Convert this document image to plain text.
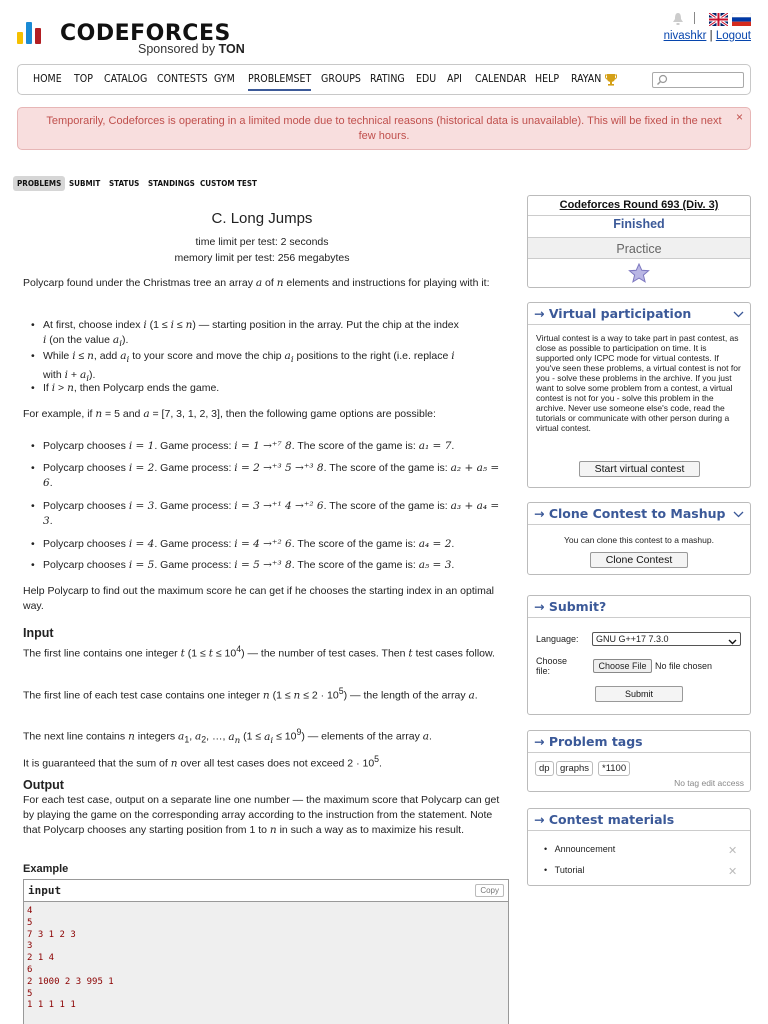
CODEFORCES
Sponsored by TON
nivashkr | Logout
HOME TOP CATALOG CONTESTS GYM PROBLEMSET GROUPS RATING EDU API CALENDAR HELP RAYAN
Temporarily, Codeforces is operating in a limited mode due to technical reasons (historical data is unavailable). This will be fixed in the next few hours.
×
PROBLEMS SUBMIT STATUS STANDINGS CUSTOM TEST
C. Long Jumps
time limit per test: 2 seconds
memory limit per test: 256 megabytes
Polycarp found under the Christmas tree an array a of n elements and instructions for playing with it:
• At first, choose index i (1 ≤ i ≤ n) — starting position in the array. Put the chip at the index
i (on the value $a_i$).
• While i ≤ n, add $a_i$ to your score and move the chip $a_i$ positions to the right (i.e. replace i
with $i + a_i$).
• If i > n, then Polycarp ends the game.
For example, if n = 5 and a = [7, 3, 1, 2, 3], then the following game options are possible:
• Polycarp chooses i = 1. Game process: i = 1 →⁺⁷ 8. The score of the game is: a₁ = 7.
• Polycarp chooses i = 2. Game process: i = 2 →⁺³ 5 →⁺³ 8. The score of the game is: a₂ + a₅ = 6.
• Polycarp chooses i = 3. Game process: i = 3 →⁺¹ 4 →⁺² 6. The score of the game is: a₃ + a₄ = 3.
• Polycarp chooses i = 4. Game process: i = 4 →⁺² 6. The score of the game is: a₄ = 2.
• Polycarp chooses i = 5. Game process: i = 5 →⁺³ 8. The score of the game is: a₅ = 3.
Help Polycarp to find out the maximum score he can get if he chooses the starting index in an optimal way.
Input
The first line contains one integer t $(1 \le t \le 10^4)$ — the number of test cases. Then t test cases follow.
The first line of each test case contains one integer n $(1 \le n \le 2 \cdot 10^5)$ — the length of the array a.
The next line contains n integers $a_1$, $a_2$, …, $a_n$ $(1 \le a_i \le 10^9)$ — elements of the array a.
It is guaranteed that the sum of n over all test cases does not exceed $2 \cdot 10^5$.
Output
For each test case, output on a separate line one number — the maximum score that Polycarp can get by playing the game on the corresponding array according to the instruction from the statement. Note that Polycarp chooses any starting position from 1 to n in such a way as to maximize his result.
Example
input	Copy
4
5
7 3 1 2 3
3
2 1 4
6
2 1000 2 3 995 1
5
1 1 1 1 1
Codeforces Round 693 (Div. 3)
Finished
Practice
→ Virtual participation
Virtual contest is a way to take part in past contest, as close as possible to participation on time. It is supported only ICPC mode for virtual contests. If you've seen these problems, a virtual contest is not for you - solve these problems in the archive. If you just want to solve some problem from a contest, a virtual contest is not for you - solve this problem in the archive. Never use someone else's code, read the tutorials or communicate with other person during a virtual contest.
Start virtual contest
→ Clone Contest to Mashup
You can clone this contest to a mashup.
Clone Contest
→ Submit?
Language:	GNU G++17 7.3.0
Choose file:	Choose File No file chosen
Submit
→ Problem tags
dp	graphs	*1100
No tag edit access
→ Contest materials
•   Announcement	✕
•   Tutorial	✕
